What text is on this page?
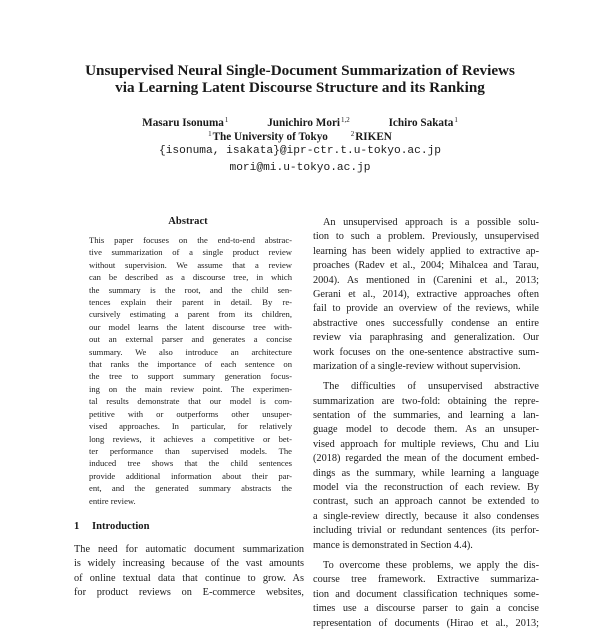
Unsupervised Neural Single-Document Summarization of Reviews
via Learning Latent Discourse Structure and its Ranking
Masaru Isonuma$^1$	Junichiro Mori$^{1,2}$	Ichiro Sakata$^1$
$^1$The University of Tokyo	$^2$RIKEN
{isonuma, isakata}@ipr-ctr.t.u-tokyo.ac.jp
mori@mi.u-tokyo.ac.jp
Abstract
This paper focuses on the end-to-end abstrac-
tive summarization of a single product review
without supervision. We assume that a review
can be described as a discourse tree, in which
the summary is the root, and the child sen-
tences explain their parent in detail. By re-
cursively estimating a parent from its children,
our model learns the latent discourse tree with-
out an external parser and generates a concise
summary. We also introduce an architecture
that ranks the importance of each sentence on
the tree to support summary generation focus-
ing on the main review point. The experimen-
tal results demonstrate that our model is com-
petitive with or outperforms other unsuper-
vised approaches. In particular, for relatively
long reviews, it achieves a competitive or bet-
ter performance than supervised models. The
induced tree shows that the child sentences
provide additional information about their par-
ent, and the generated summary abstracts the
entire review.
1 Introduction
The need for automatic document summarization
is widely increasing because of the vast amounts
of online textual data that continue to grow. As
for product reviews on E-commerce websites,
An unsupervised approach is a possible solu-
tion to such a problem. Previously, unsupervised
learning has been widely applied to extractive ap-
proaches (Radev et al., 2004; Mihalcea and Tarau,
2004). As mentioned in (Carenini et al., 2013;
Gerani et al., 2014), extractive approaches often
fail to provide an overview of the reviews, while
abstractive ones successfully condense an entire
review via paraphrasing and generalization. Our
work focuses on the one-sentence abstractive sum-
marization of a single-review without supervision.
The difficulties of unsupervised abstractive
summarization are two-fold: obtaining the repre-
sentation of the summaries, and learning a lan-
guage model to decode them. As an unsuper-
vised approach for multiple reviews, Chu and Liu
(2018) regarded the mean of the document embed-
dings as the summary, while learning a language
model via the reconstruction of each review. By
contrast, such an approach cannot be extended to
a single-review directly, because it also condenses
including trivial or redundant sentences (its perfor-
mance is demonstrated in Section 4.4).
To overcome these problems, we apply the dis-
course tree framework. Extractive summariza-
tion and document classification techniques some-
times use a discourse parser to gain a concise
representation of documents (Hirao et al., 2013;
